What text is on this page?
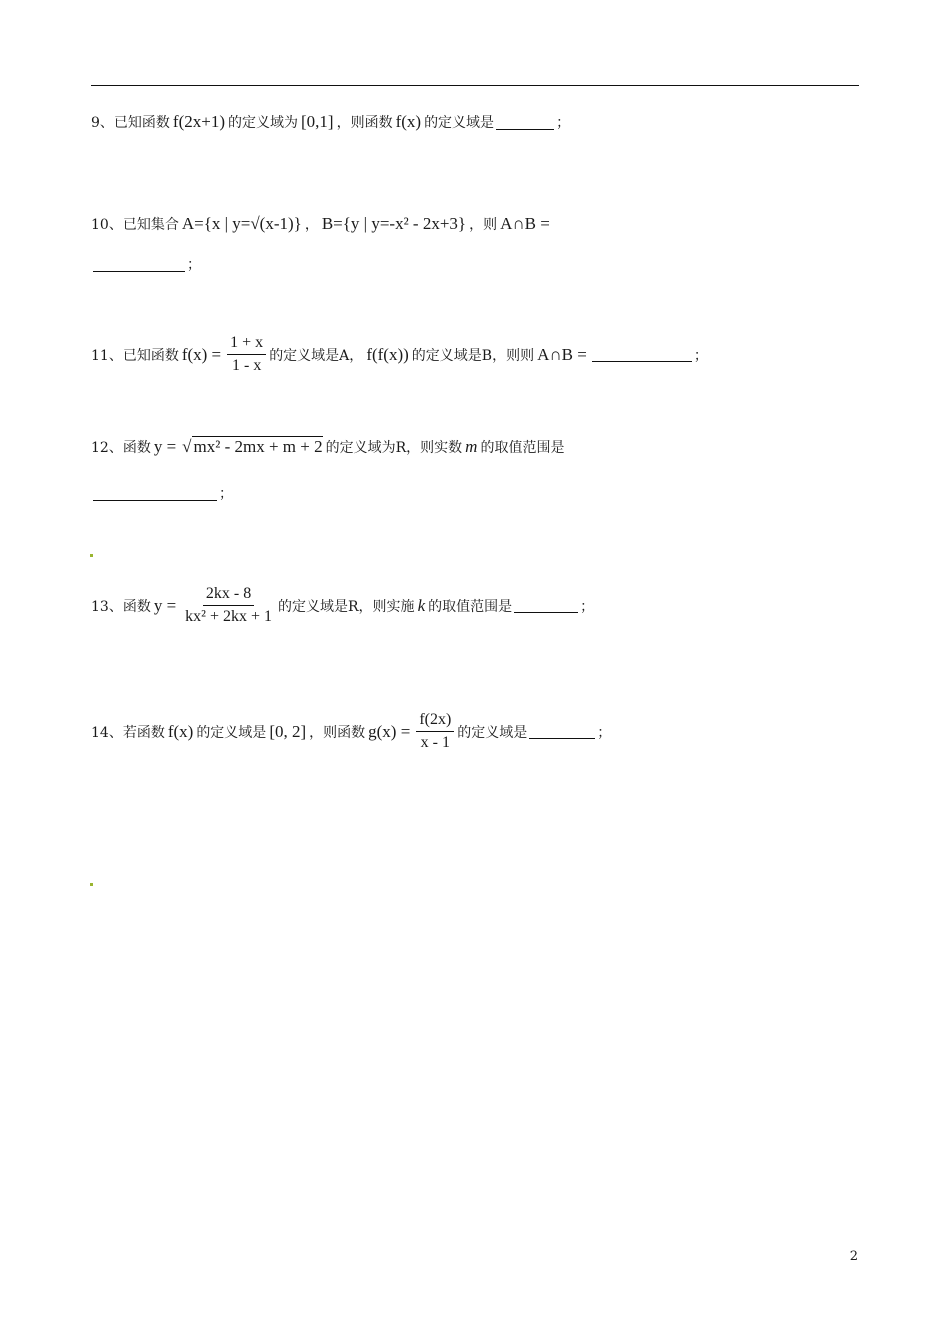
9、已知函数 f(2x+1) 的定义域为 [0,1] ，则函数 f(x) 的定义域是	；
10、已知集合 A={x | y=√(x-1)} ， B={y | y=-x² - 2x+3} ，则 A∩B =
；
11、已知函数 $f(x) = \frac{1 + x}{1 - x}$ 的定义域是A， f(f(x)) 的定义域是B，则则 A∩B =	；
12、函数 y = √ mx² - 2mx + m + 2 的定义域为R，则实数 m 的取值范围是
；
13、函数 $y = \frac{2kx - 8}{\text{kx² + 2kx + 1}}$ 的定义域是R，则实施 k 的取值范围是	；
14、若函数 f(x) 的定义域是 [0, 2] ，则函数 $g(x) = \frac{f(2x)}{x - 1}$ 的定义域是	；
2
